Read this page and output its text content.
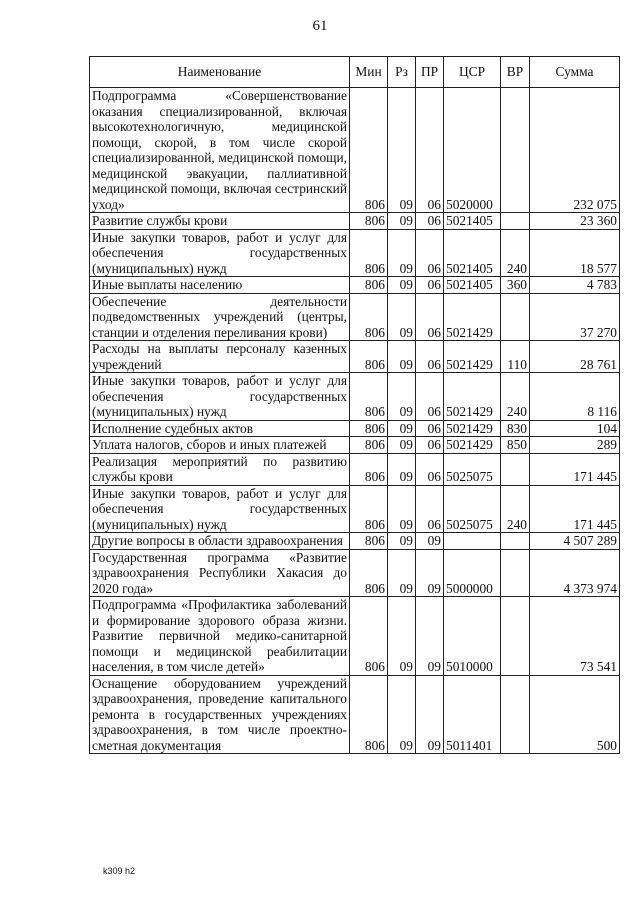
61
Наименование	Мин	Рз	ПР	ЦСР	ВР	Сумма
Подпрограмма «Совершенствование оказания специализированной, включая высокотехнологичную, медицинской помощи, скорой, в том числе скорой специализированной, медицинской помощи, медицинской эвакуации, паллиативной медицинской помощи, включая сестринский уход»	806	09	06	5020000		232 075
Развитие службы крови	806	09	06	5021405		23 360
Иные закупки товаров, работ и услуг для обеспечения государственных (муниципальных) нужд	806	09	06	5021405	240	18 577
Иные выплаты населению	806	09	06	5021405	360	4 783
Обеспечение деятельности подведомственных учреждений (центры, станции и отделения переливания крови)	806	09	06	5021429		37 270
Расходы на выплаты персоналу казенных учреждений	806	09	06	5021429	110	28 761
Иные закупки товаров, работ и услуг для обеспечения государственных (муниципальных) нужд	806	09	06	5021429	240	8 116
Исполнение судебных актов	806	09	06	5021429	830	104
Уплата налогов, сборов и иных платежей	806	09	06	5021429	850	289
Реализация мероприятий по развитию службы крови	806	09	06	5025075		171 445
Иные закупки товаров, работ и услуг для обеспечения государственных (муниципальных) нужд	806	09	06	5025075	240	171 445
Другие вопросы в области здравоохранения	806	09	09			4 507 289
Государственная программа «Развитие здравоохранения Республики Хакасия до 2020 года»	806	09	09	5000000		4 373 974
Подпрограмма «Профилактика заболеваний и формирование здорового образа жизни. Развитие первичной медико-санитарной помощи и медицинской реабилитации населения, в том числе детей»	806	09	09	5010000		73 541
Оснащение оборудованием учреждений здравоохранения, проведение капитального ремонта в государственных учреждениях здравоохранения, в том числе проектно-сметная документация	806	09	09	5011401		500
k309 h2
